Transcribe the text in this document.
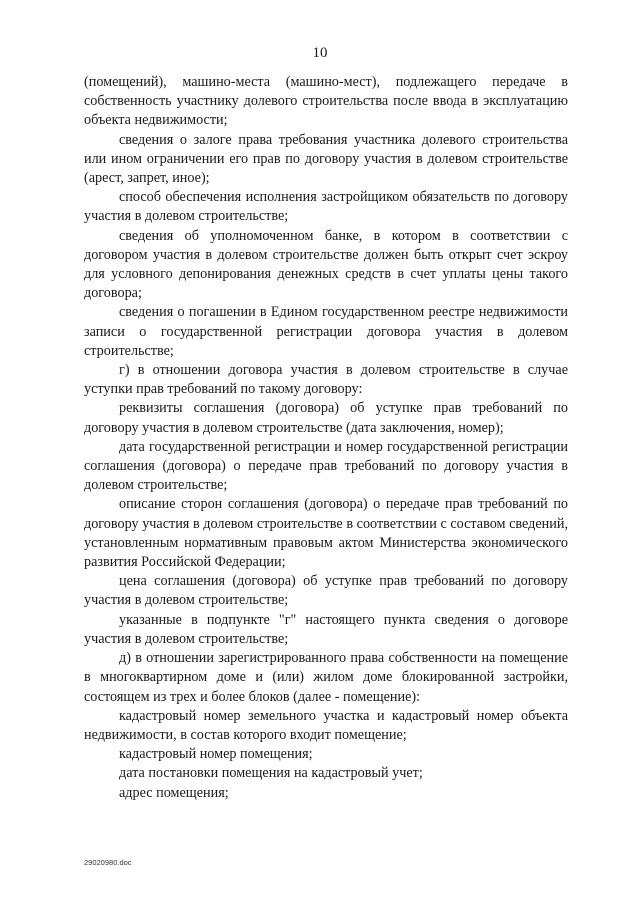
10

(помещений), машино-места (машино-мест), подлежащего передаче в собственность участнику долевого строительства после ввода в эксплуатацию объекта недвижимости;

сведения о залоге права требования участника долевого строительства или ином ограничении его прав по договору участия в долевом строительстве (арест, запрет, иное);

способ обеспечения исполнения застройщиком обязательств по договору участия в долевом строительстве;

сведения об уполномоченном банке, в котором в соответствии с договором участия в долевом строительстве должен быть открыт счет эскроу для условного депонирования денежных средств в счет уплаты цены такого договора;

сведения о погашении в Едином государственном реестре недвижимости записи о государственной регистрации договора участия в долевом строительстве;

г) в отношении договора участия в долевом строительстве в случае уступки прав требований по такому договору:

реквизиты соглашения (договора) об уступке прав требований по договору участия в долевом строительстве (дата заключения, номер);

дата государственной регистрации и номер государственной регистрации соглашения (договора) о передаче прав требований по договору участия в долевом строительстве;

описание сторон соглашения (договора) о передаче прав требований по договору участия в долевом строительстве в соответствии с составом сведений, установленным нормативным правовым актом Министерства экономического развития Российской Федерации;

цена соглашения (договора) об уступке прав требований по договору участия в долевом строительстве;

указанные в подпункте "г" настоящего пункта сведения о договоре участия в долевом строительстве;

д) в отношении зарегистрированного права собственности на помещение в многоквартирном доме и (или) жилом доме блокированной застройки, состоящем из трех и более блоков (далее - помещение):

кадастровый номер земельного участка и кадастровый номер объекта недвижимости, в состав которого входит помещение;

кадастровый номер помещения;

дата постановки помещения на кадастровый учет;

адрес помещения;

29020980.doc
